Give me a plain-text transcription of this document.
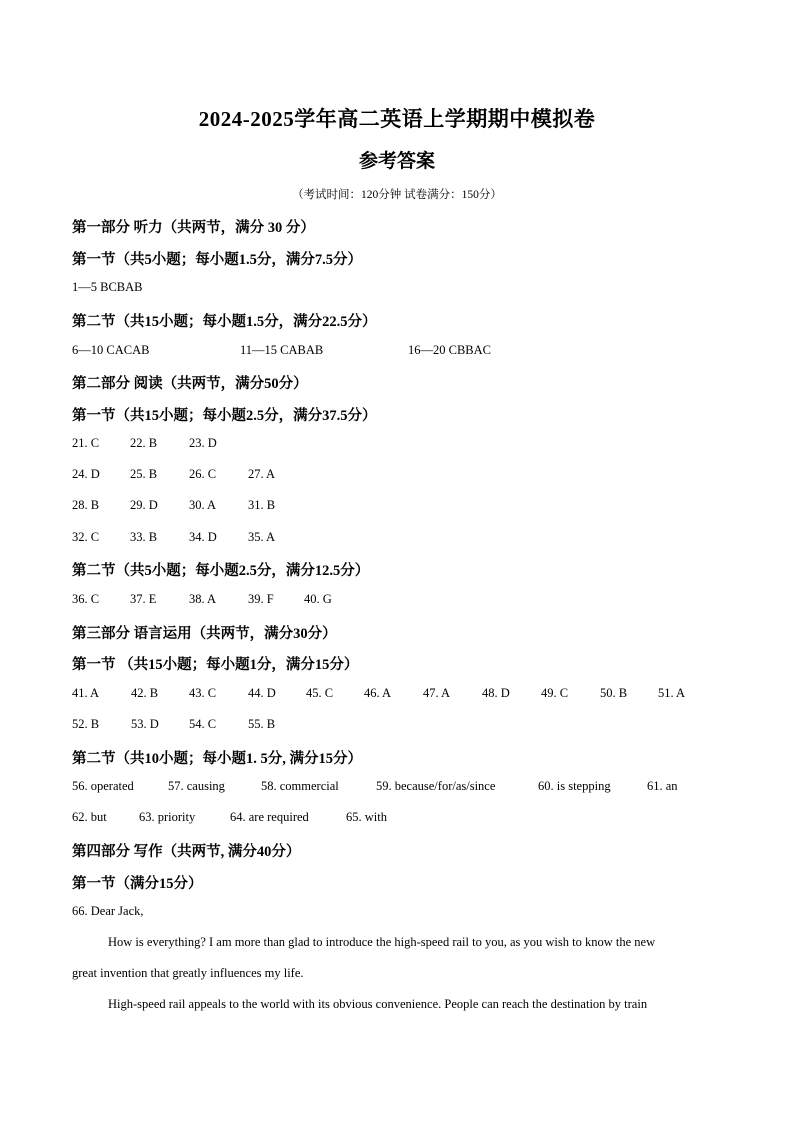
2024-2025学年高二英语上学期期中模拟卷
参考答案
（考试时间：120分钟 试卷满分：150分）
第一部分 听力（共两节，满分 30 分）
第一节（共5小题；每小题1.5分，满分7.5分）
1—5 BCBAB
第二节（共15小题；每小题1.5分，满分22.5分）
6—10 CACAB	11—15 CABAB	16—20 CBBAC
第二部分 阅读（共两节，满分50分）
第一节（共15小题；每小题2.5分，满分37.5分）
21. C 22. B	23. D
24. D 25. B	26. C	27. A
28. B 29. D 30. A	31. B
32. C 33. B	34. D 35. A
第二节（共5小题；每小题2.5分，满分12.5分）
36. C 37. E	38. A	39. F 40. G
第三部分 语言运用（共两节，满分30分）
第一节 （共15小题；每小题1分，满分15分）
41. A	42. B 43. C	44. D 45. C 46. A	47. A	48. D 49. C	50. B 51. A
52. B	53. D 54. C	55. B
第二节（共10小题；每小题1. 5分, 满分15分）
56. operated	57. causing	58. commercial	59. because/for/as/since	60. is stepping	61. an
62. but	63. priority	64. are required	65. with
第四部分 写作（共两节, 满分40分）
第一节（满分15分）
66. Dear Jack,
How is everything? I am more than glad to introduce the high-speed rail to you, as you wish to know the new
great invention that greatly influences my life.
High-speed rail appeals to the world with its obvious convenience. People can reach the destination by train
